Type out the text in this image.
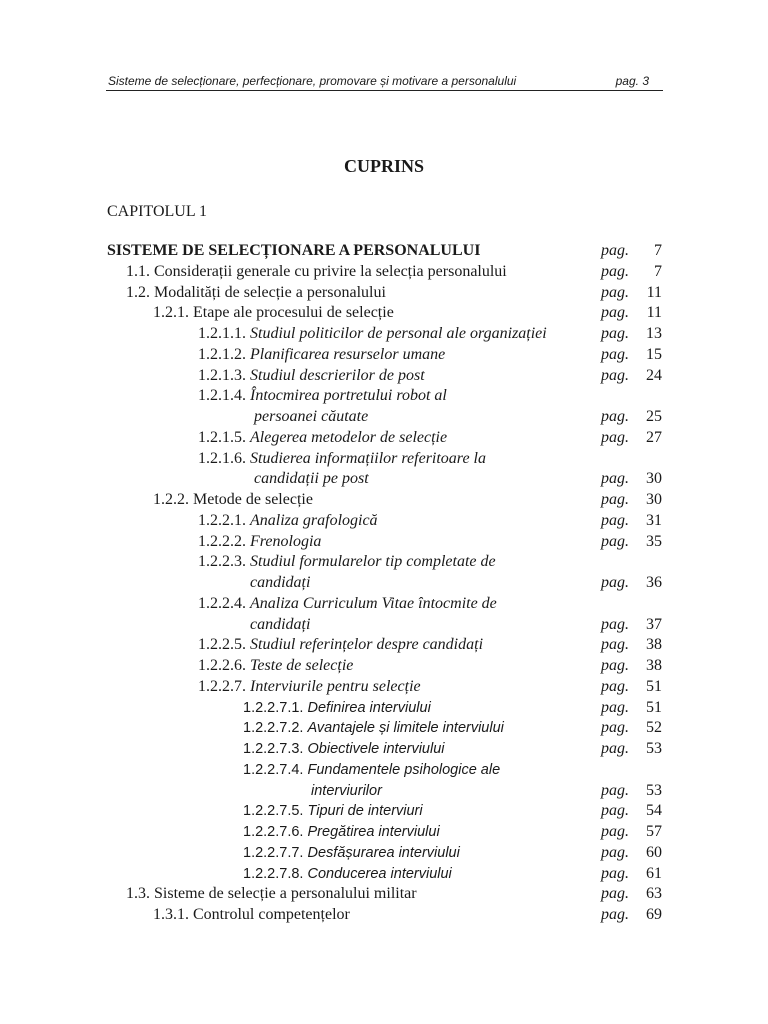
Sisteme de selecționare, perfecționare, promovare și motivare a personalului	pag. 3
CUPRINS
CAPITOLUL 1
SISTEME DE SELECȚIONARE A PERSONALULUI	pag. 7
1.1. Considerații generale cu privire la selecția personalului	pag. 7
1.2. Modalități de selecție a personalului	pag. 11
1.2.1. Etape ale procesului de selecție	pag. 11
1.2.1.1. Studiul politicilor de personal ale organizației	pag. 13
1.2.1.2. Planificarea resurselor umane	pag. 15
1.2.1.3. Studiul descrierilor de post	pag. 24
1.2.1.4. Întocmirea portretului robot al
persoanei căutate	pag. 25
1.2.1.5. Alegerea metodelor de selecție	pag. 27
1.2.1.6. Studierea informațiilor referitoare la
candidații pe post	pag. 30
1.2.2. Metode de selecție	pag. 30
1.2.2.1. Analiza grafologică	pag. 31
1.2.2.2. Frenologia	pag. 35
1.2.2.3. Studiul formularelor tip completate de
candidați	pag. 36
1.2.2.4. Analiza Curriculum Vitae întocmite de
candidați	pag. 37
1.2.2.5. Studiul referințelor despre candidați	pag. 38
1.2.2.6. Teste de selecție	pag. 38
1.2.2.7. Interviurile pentru selecție	pag. 51
1.2.2.7.1. Definirea interviului	pag. 51
1.2.2.7.2. Avantajele și limitele interviului	pag. 52
1.2.2.7.3. Obiectivele interviului	pag. 53
1.2.2.7.4. Fundamentele psihologice ale
interviurilor	pag. 53
1.2.2.7.5. Tipuri de interviuri	pag. 54
1.2.2.7.6. Pregătirea interviului	pag. 57
1.2.2.7.7. Desfășurarea interviului	pag. 60
1.2.2.7.8. Conducerea interviului	pag. 61
1.3. Sisteme de selecție a personalului militar	pag. 63
1.3.1. Controlul competențelor	pag. 69
